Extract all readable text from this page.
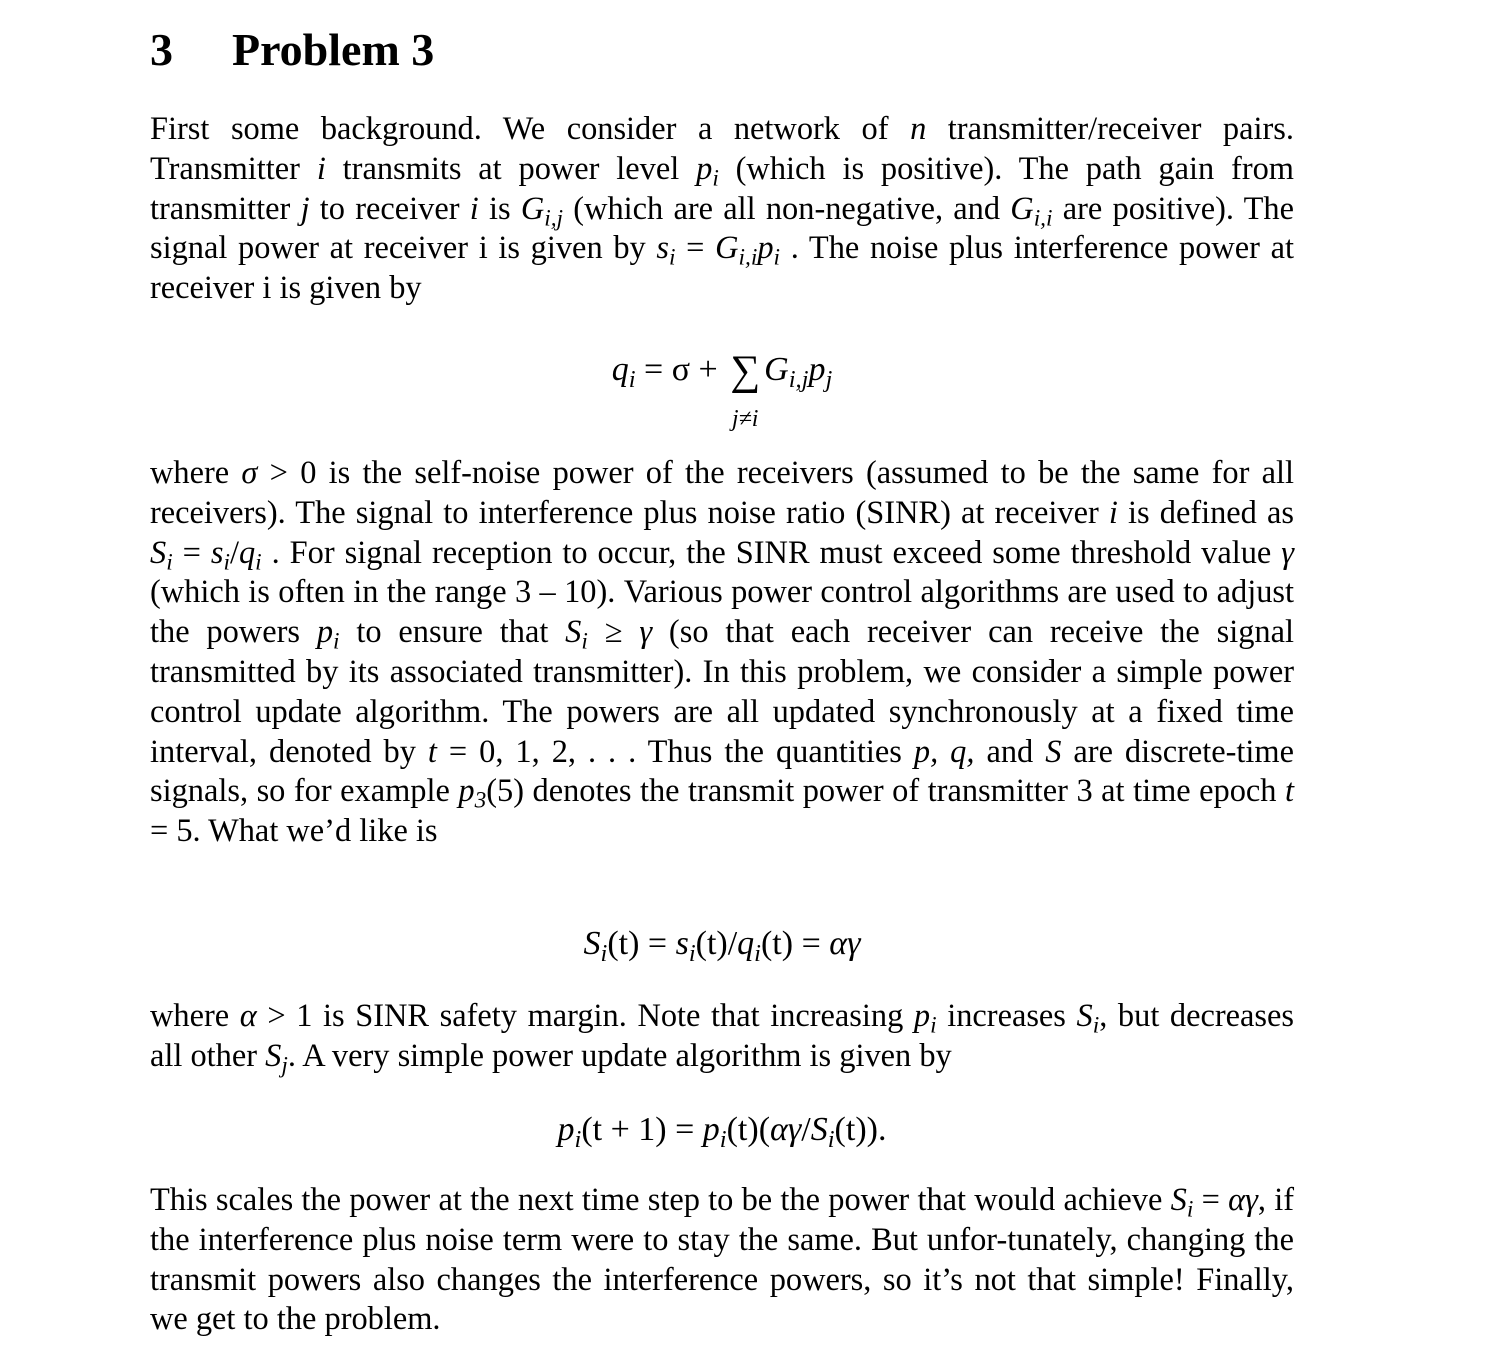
3 Problem 3
First some background. We consider a network of n transmitter/receiver pairs. Transmitter i transmits at power level $p_i$ (which is positive). The path gain from transmitter j to receiver i is $G_{i,j}$ (which are all non-negative, and $G_{i,i}$ are positive). The signal power at receiver i is given by $s_i = G_{i,i}p_i$ . The noise plus interference power at receiver i is given by
$q_i = \sigma$ + ∑
j≠i
$G_{i,j}p_j$
where σ > 0 is the self-noise power of the receivers (assumed to be the same for all receivers). The signal to interference plus noise ratio (SINR) at receiver i is defined as $S_i = s_i/q_i$ . For signal reception to occur, the SINR must exceed some threshold value γ (which is often in the range 3 – 10). Various power control algorithms are used to adjust the powers $p_i$ to ensure that $S_i \ge \gamma$ (so that each receiver can receive the signal transmitted by its associated transmitter). In this problem, we consider a simple power control update algorithm. The powers are all updated synchronously at a fixed time interval, denoted by t = 0, 1, 2, . . . Thus the quantities p, q, and S are discrete-time signals, so for example $p_3(5)$ denotes the transmit power of transmitter 3 at time epoch t = 5. What we’d like is
$S_i(t) = s_i(t)/q_i(t) = \alpha\gamma$
where α > 1 is SINR safety margin. Note that increasing $p_i$ increases $S_i$, but decreases all other $S_j$. A very simple power update algorithm is given by
$p_i(t + 1) = p_i(t)(\alpha\gamma/S_i(t))$.
This scales the power at the next time step to be the power that would achieve $S_i = \alpha\gamma$, if the interference plus noise term were to stay the same. But unfor-tunately, changing the transmit powers also changes the interference powers, so it’s not that simple! Finally, we get to the problem.
